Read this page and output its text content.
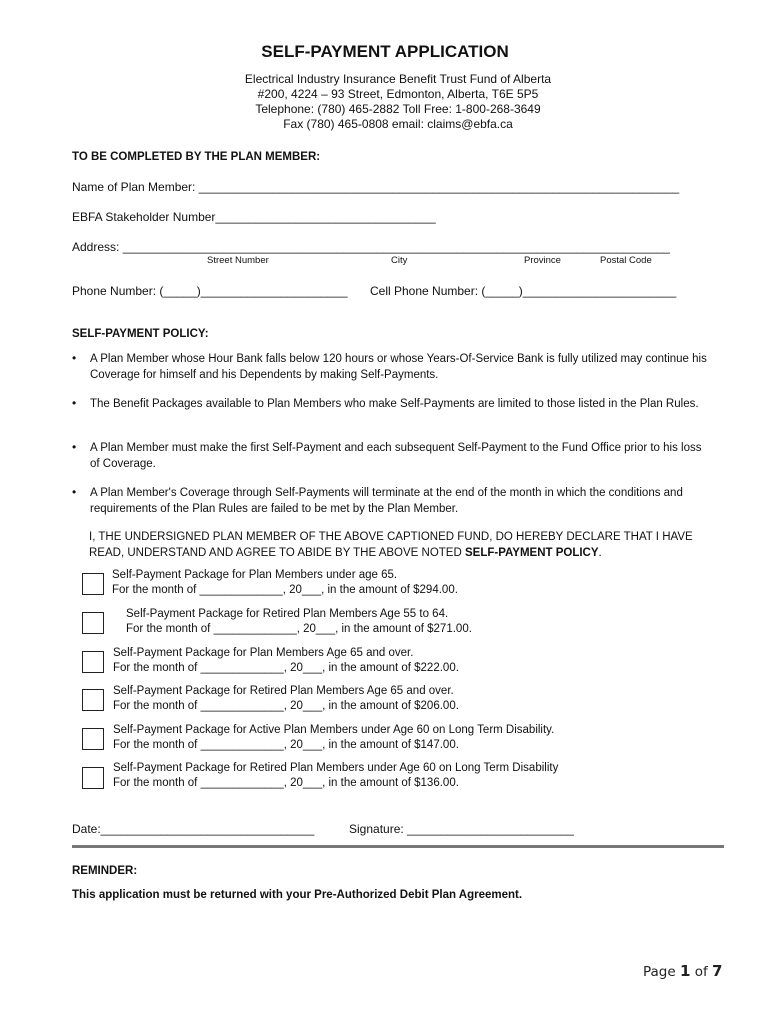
SELF-PAYMENT APPLICATION
Electrical Industry Insurance Benefit Trust Fund of Alberta
#200, 4224 – 93 Street, Edmonton, Alberta, T6E 5P5
Telephone: (780) 465-2882 Toll Free: 1-800-268-3649
Fax (780) 465-0808 email: claims@ebfa.ca
TO BE COMPLETED BY THE PLAN MEMBER:
Name of Plan Member: ________________________________________________________________________
EBFA Stakeholder Number_________________________________
Address: __________________________________________________________________________________
Street Number	City	Province	Postal Code
Phone Number: (_____)______________________ Cell Phone Number: (_____)_______________________
SELF-PAYMENT POLICY:
• A Plan Member whose Hour Bank falls below 120 hours or whose Years-Of-Service Bank is fully utilized may continue his Coverage for himself and his Dependents by making Self-Payments.
• The Benefit Packages available to Plan Members who make Self-Payments are limited to those listed in the Plan Rules.
• A Plan Member must make the first Self-Payment and each subsequent Self-Payment to the Fund Office prior to his loss of Coverage.
• A Plan Member's Coverage through Self-Payments will terminate at the end of the month in which the conditions and requirements of the Plan Rules are failed to be met by the Plan Member.
I, THE UNDERSIGNED PLAN MEMBER OF THE ABOVE CAPTIONED FUND, DO HEREBY DECLARE THAT I HAVE READ, UNDERSTAND AND AGREE TO ABIDE BY THE ABOVE NOTED SELF-PAYMENT POLICY.
Self-Payment Package for Plan Members under age 65.
For the month of _____________, 20___, in the amount of $294.00.
Self-Payment Package for Retired Plan Members Age 55 to 64.
For the month of _____________, 20___, in the amount of $271.00.
Self-Payment Package for Plan Members Age 65 and over.
For the month of _____________, 20___, in the amount of $222.00.
Self-Payment Package for Retired Plan Members Age 65 and over.
For the month of _____________, 20___, in the amount of $206.00.
Self-Payment Package for Active Plan Members under Age 60 on Long Term Disability.
For the month of _____________, 20___, in the amount of $147.00.
Self-Payment Package for Retired Plan Members under Age 60 on Long Term Disability
For the month of _____________, 20___, in the amount of $136.00.
Date:________________________________	Signature: _________________________
REMINDER:
This application must be returned with your Pre-Authorized Debit Plan Agreement.
Page 1 of 7
